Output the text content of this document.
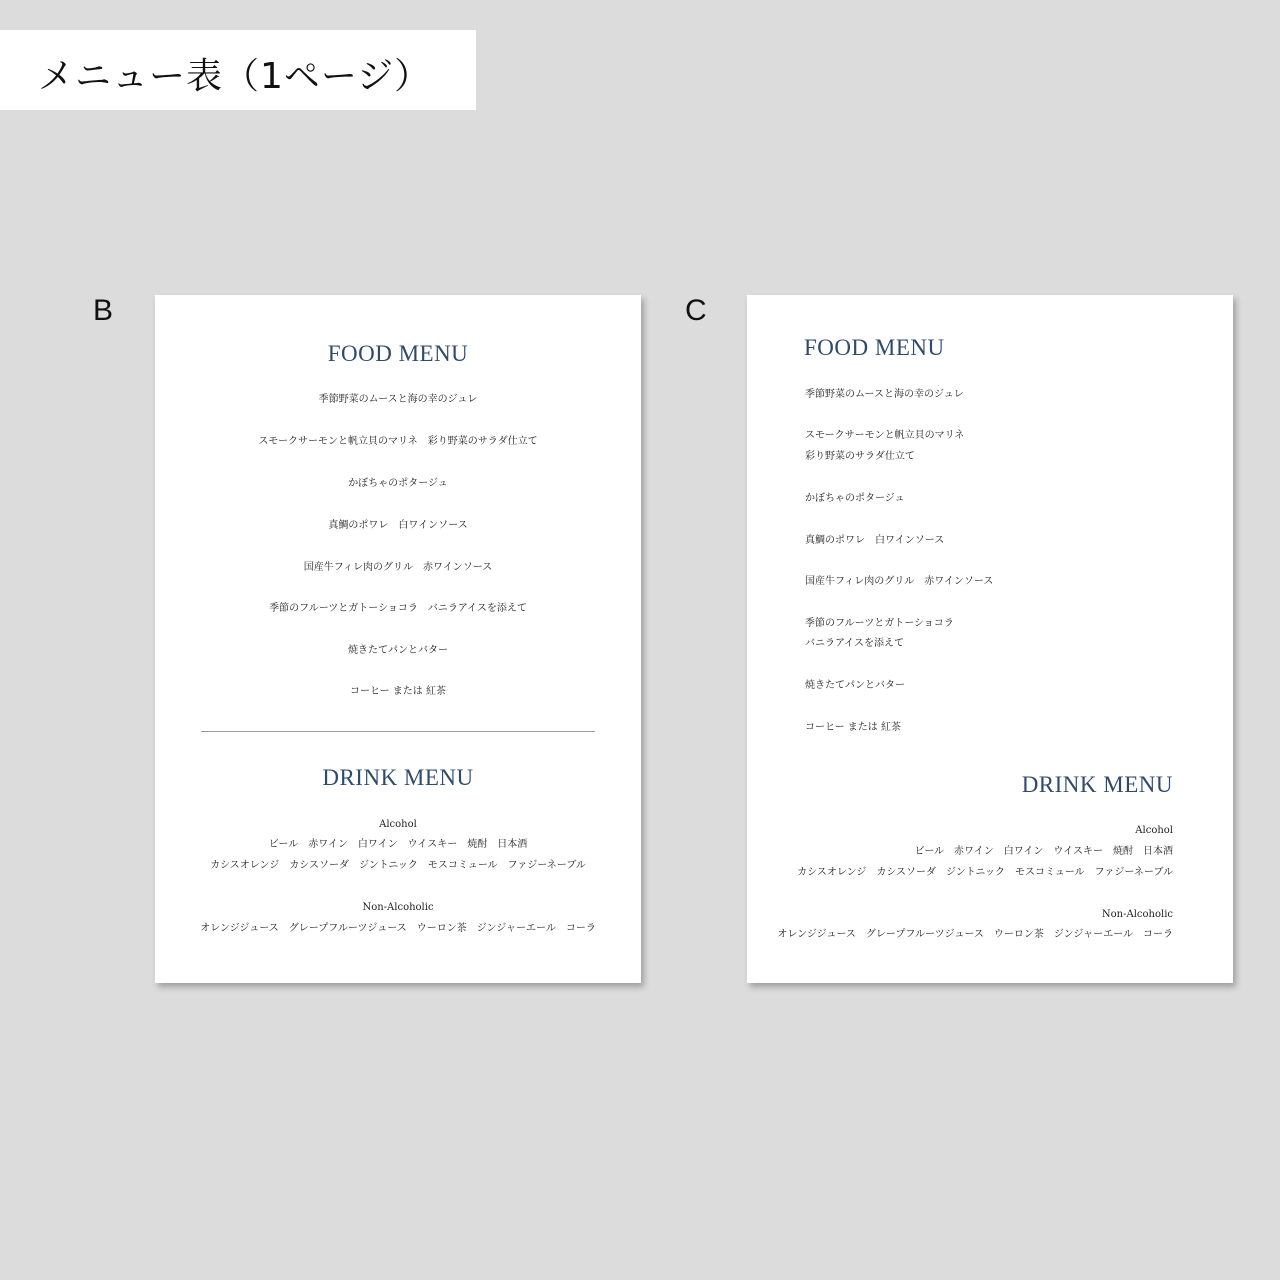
メニュー表（1ページ）
B	C
FOOD MENU
季節野菜のムースと海の幸のジュレ
スモークサーモンと帆立貝のマリネ　彩り野菜のサラダ仕立て
かぼちゃのポタージュ
真鯛のポワレ　白ワインソース
国産牛フィレ肉のグリル　赤ワインソース
季節のフルーツとガトーショコラ　バニラアイスを添えて
焼きたてパンとバター
コーヒー または 紅茶
DRINK MENU
Alcohol
ビール　赤ワイン　白ワイン　ウイスキー　焼酎　日本酒
カシスオレンジ　カシスソーダ　ジントニック　モスコミュール　ファジーネーブル
Non-Alcoholic
オレンジジュース　グレープフルーツジュース　ウーロン茶　ジンジャーエール　コーラ
FOOD MENU
季節野菜のムースと海の幸のジュレ
スモークサーモンと帆立貝のマリネ
彩り野菜のサラダ仕立て
かぼちゃのポタージュ
真鯛のポワレ　白ワインソース
国産牛フィレ肉のグリル　赤ワインソース
季節のフルーツとガトーショコラ
バニラアイスを添えて
焼きたてパンとバター
コーヒー または 紅茶
DRINK MENU
Alcohol
ビール　赤ワイン　白ワイン　ウイスキー　焼酎　日本酒
カシスオレンジ　カシスソーダ　ジントニック　モスコミュール　ファジーネーブル
Non-Alcoholic
オレンジジュース　グレープフルーツジュース　ウーロン茶　ジンジャーエール　コーラ
